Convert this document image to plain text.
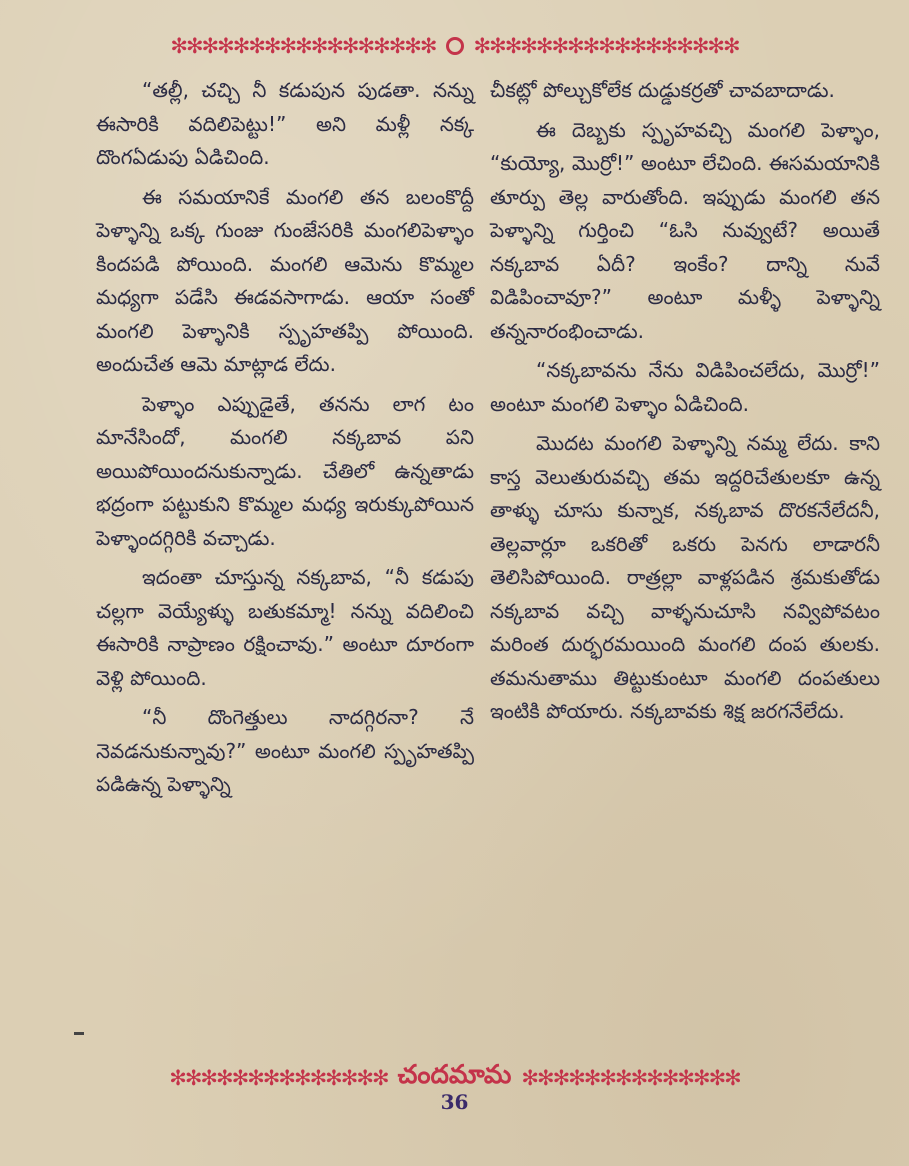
✻✻✻✻✻✻✻✻✻✻✻✻✻✻✻✻✻ ✻✻✻✻✻✻✻✻✻✻✻✻✻✻✻✻✻

“తల్లీ, చచ్చి నీ కడుపున పుడతా. నన్ను ఈసారికి వదిలిపెట్టు!” అని మళ్లీ నక్క దొంగఏడుపు ఏడిచింది.

ఈ సమయానికే మంగలి తన బలంకొద్దీ పెళ్ళాన్ని ఒక్క గుంజు గుంజేసరికి మంగలిపెళ్ళాం కిందపడి పోయింది. మంగలి ఆమెను కొమ్మల మధ్యగా పడేసి ఈడవసాగాడు. ఆయా సంతో మంగలి పెళ్ళానికి స్పృహతప్పి పోయింది. అందుచేత ఆమె మాట్లాడ లేదు.

పెళ్ళాం ఎప్పుడైతే, తనను లాగ టం మానేసిందో, మంగలి నక్కబావ పని అయిపోయిందనుకున్నాడు. చేతిలో ఉన్నతాడు భద్రంగా పట్టుకుని కొమ్మల మధ్య ఇరుక్కుపోయిన పెళ్ళాందగ్గిరికి వచ్చాడు.

ఇదంతా చూస్తున్న నక్కబావ, “నీ కడుపు చల్లగా వెయ్యేళ్ళు బతుకమ్మా! నన్ను వదిలించి ఈసారికి నాప్రాణం రక్షించావు.” అంటూ దూరంగా వెళ్లి పోయింది.

“నీ దొంగెత్తులు నాదగ్గిరనా? నే నెవడనుకున్నావు?” అంటూ మంగలి స్పృహతప్పి పడిఉన్న పెళ్ళాన్ని

చీకట్లో పోల్చుకోలేక దుడ్డుకర్రతో చావబాదాడు.

ఈ దెబ్బకు స్పృహవచ్చి మంగలి పెళ్ళాం, “కుయ్యో, మొర్రో!” అంటూ లేచింది. ఈసమయానికి తూర్పు తెల్ల వారుతోంది. ఇప్పుడు మంగలి తన పెళ్ళాన్ని గుర్తించి “ఓసి నువ్వుటే? అయితే నక్కబావ ఏదీ? ఇంకేం? దాన్ని నువే విడిపించావూ?” అంటూ మళ్ళీ పెళ్ళాన్ని తన్ననారంభించాడు.

“నక్కబావను నేను విడిపించలేదు, మొర్రో!” అంటూ మంగలి పెళ్ళాం ఏడిచింది.

మొదట మంగలి పెళ్ళాన్ని నమ్మ లేదు. కాని కాస్త వెలుతురువచ్చి తమ ఇద్దరిచేతులకూ ఉన్న తాళ్ళు చూసు కున్నాక, నక్కబావ దొరకనేలేదనీ, తెల్లవార్లూ ఒకరితో ఒకరు పెనగు లాడారనీ తెలిసిపోయింది. రాత్రల్లా వాళ్లపడిన శ్రమకుతోడు నక్కబావ వచ్చి వాళ్ళనుచూసి నవ్విపోవటం మరింత దుర్భరమయింది మంగలి దంప తులకు. తమనుతాము తిట్టుకుంటూ మంగలి దంపతులు ఇంటికి పోయారు. నక్కబావకు శిక్ష జరగనేలేదు.

✻✻✻✻✻✻✻✻✻✻✻✻✻✻ చందమామ ✻✻✻✻✻✻✻✻✻✻✻✻✻✻
36
